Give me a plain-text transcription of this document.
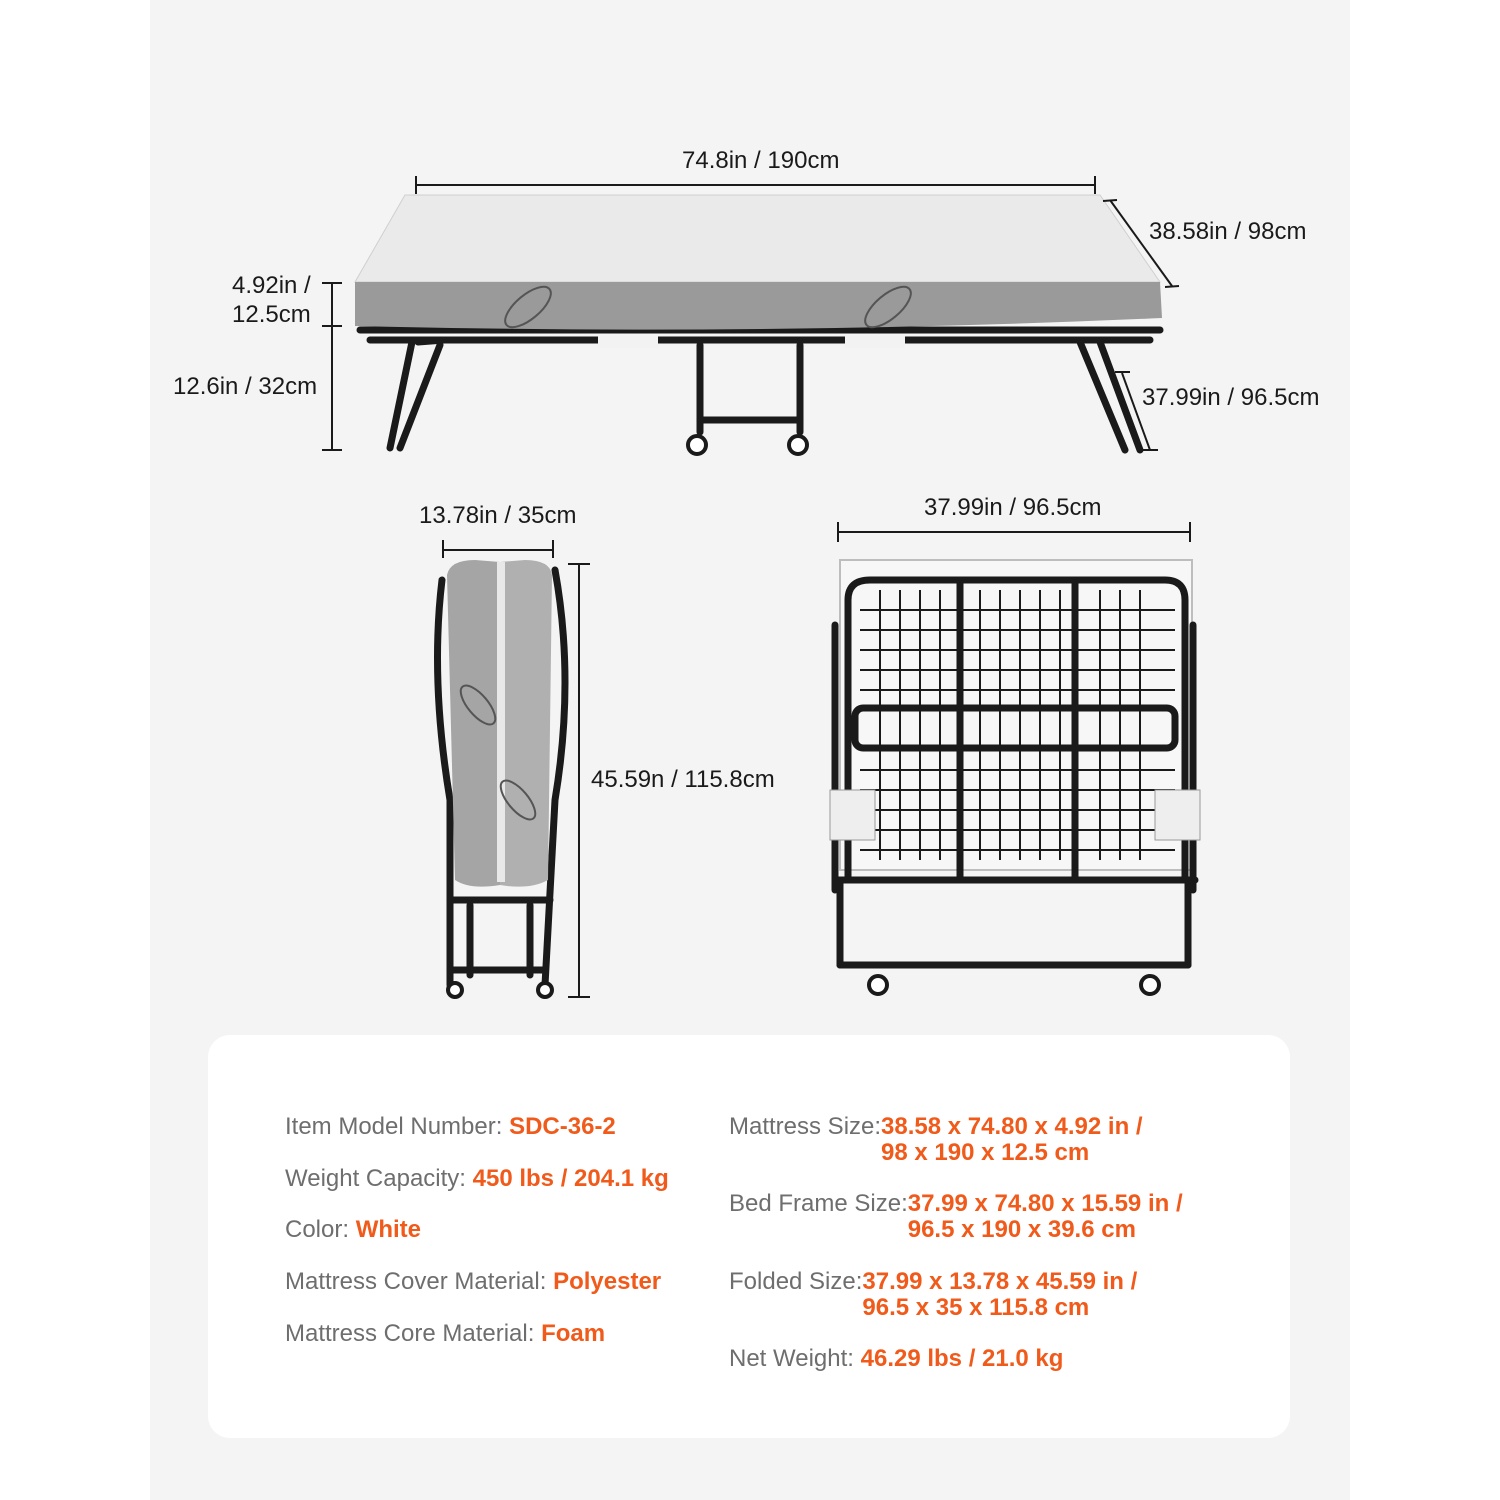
74.8in / 190cm
38.58in / 98cm
37.99in / 96.5cm
4.92in /
12.5cm
12.6in / 32cm
13.78in / 35cm
45.59n / 115.8cm
37.99in / 96.5cm
Item Model Number: SDC-36-2
Weight Capacity: 450 lbs / 204.1 kg
Color: White
Mattress Cover Material: Polyester
Mattress Core Material: Foam
Mattress Size: 38.58 x 74.80 x 4.92 in /
98 x 190 x 12.5 cm
Bed Frame Size: 37.99 x 74.80 x 15.59 in /
96.5 x 190 x 39.6 cm
Folded Size: 37.99 x 13.78 x 45.59 in /
96.5 x 35 x 115.8 cm
Net Weight: 46.29 lbs / 21.0 kg
